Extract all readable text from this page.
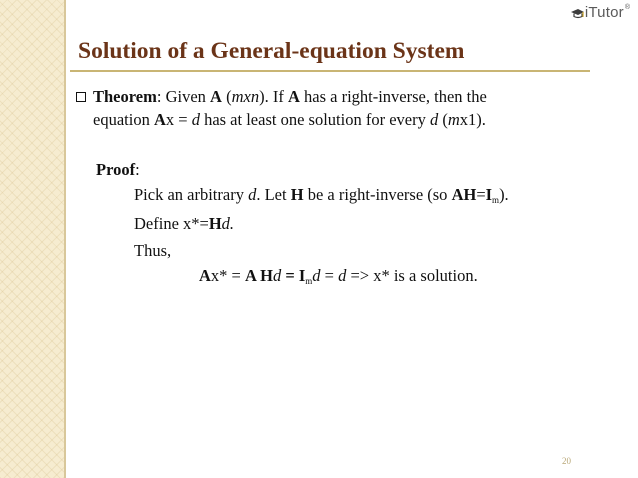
iTutor ®
Solution of a General-equation System
Theorem: Given A (mxn). If A has a right-inverse, then the
equation Ax = d has at least one solution for every d (mx1).
Proof:
Pick an arbitrary d. Let H be a right-inverse (so $AH=I_m$).
Define x*=Hd.
Thus,
Ax* = A $Hd = I_md = d => x*$ is a solution.
20
